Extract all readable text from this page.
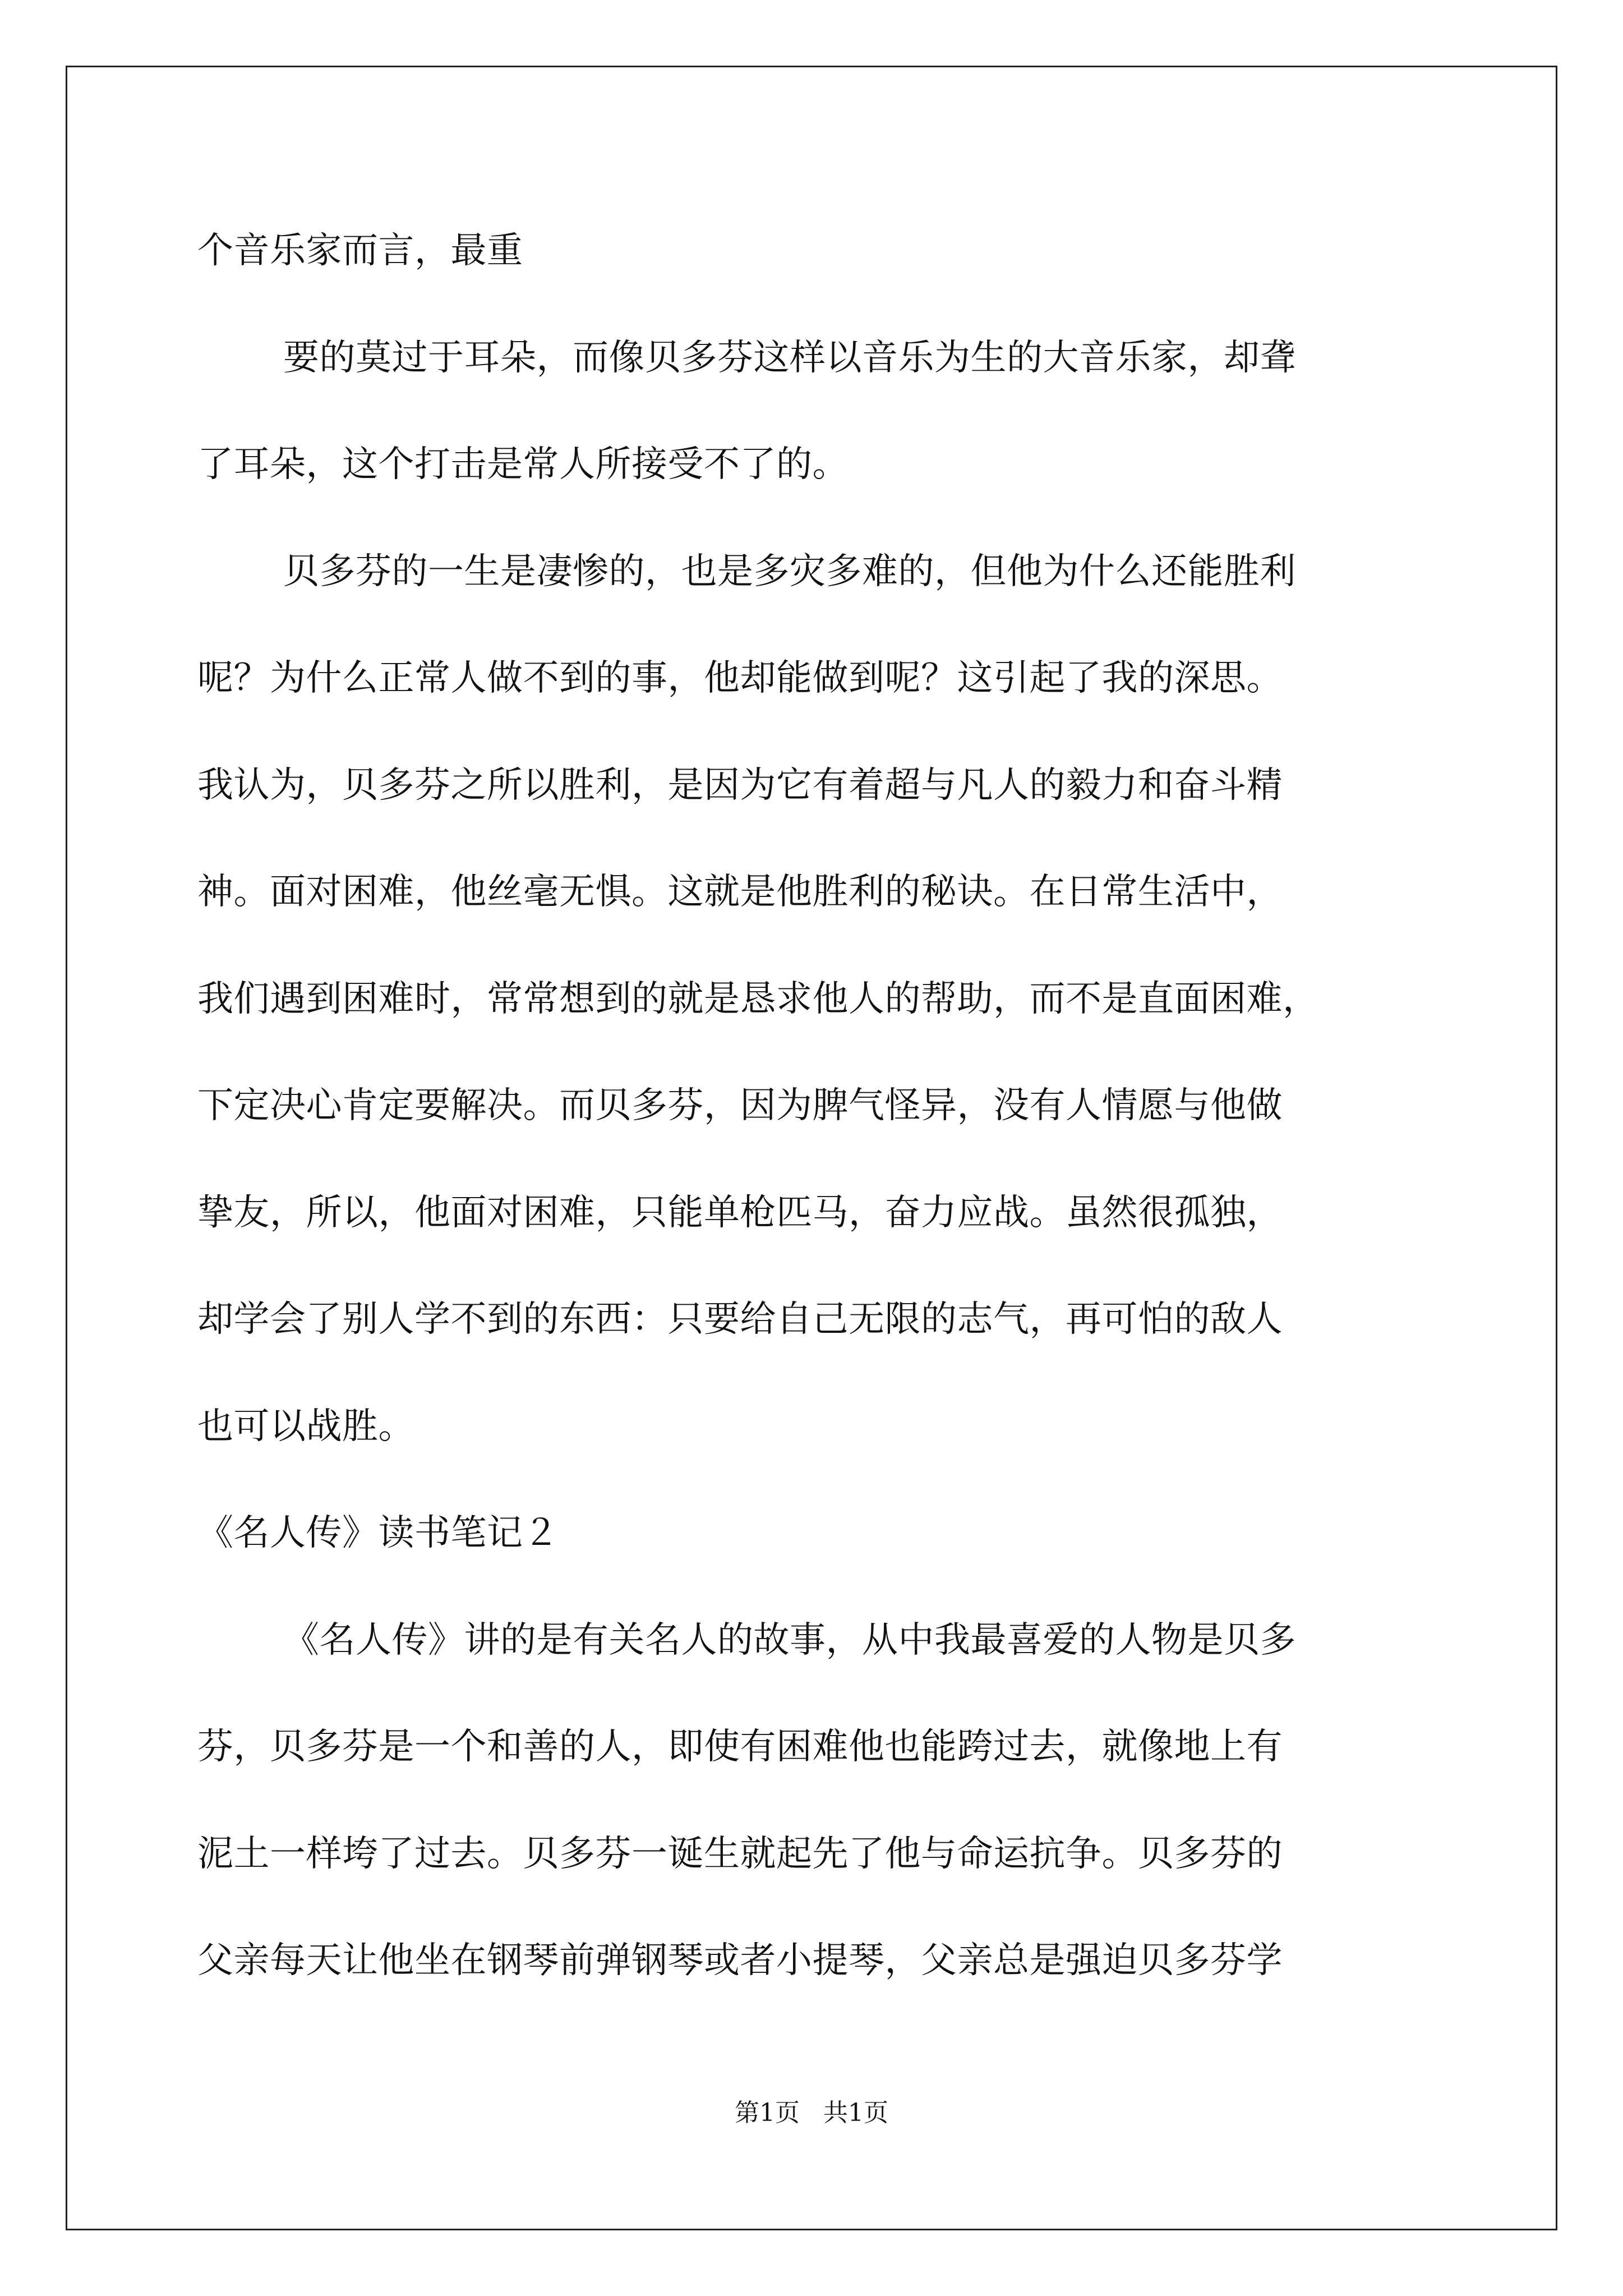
个音乐家而言，最重
要的莫过于耳朵，而像贝多芬这样以音乐为生的大音乐家，却聋
了耳朵，这个打击是常人所接受不了的。
贝多芬的一生是凄惨的，也是多灾多难的，但他为什么还能胜利
呢？为什么正常人做不到的事，他却能做到呢？这引起了我的深思。
我认为，贝多芬之所以胜利，是因为它有着超与凡人的毅力和奋斗精
神。面对困难，他丝毫无惧。这就是他胜利的秘诀。在日常生活中，
我们遇到困难时，常常想到的就是恳求他人的帮助，而不是直面困难，
下定决心肯定要解决。而贝多芬，因为脾气怪异，没有人情愿与他做
挚友，所以，他面对困难，只能单枪匹马，奋力应战。虽然很孤独，
却学会了别人学不到的东西：只要给自己无限的志气，再可怕的敌人
也可以战胜。
《名人传》读书笔记２
《名人传》讲的是有关名人的故事，从中我最喜爱的人物是贝多
芬，贝多芬是一个和善的人，即使有困难他也能跨过去，就像地上有
泥土一样垮了过去。贝多芬一诞生就起先了他与命运抗争。贝多芬的
父亲每天让他坐在钢琴前弹钢琴或者小提琴，父亲总是强迫贝多芬学
第1页   共1页
